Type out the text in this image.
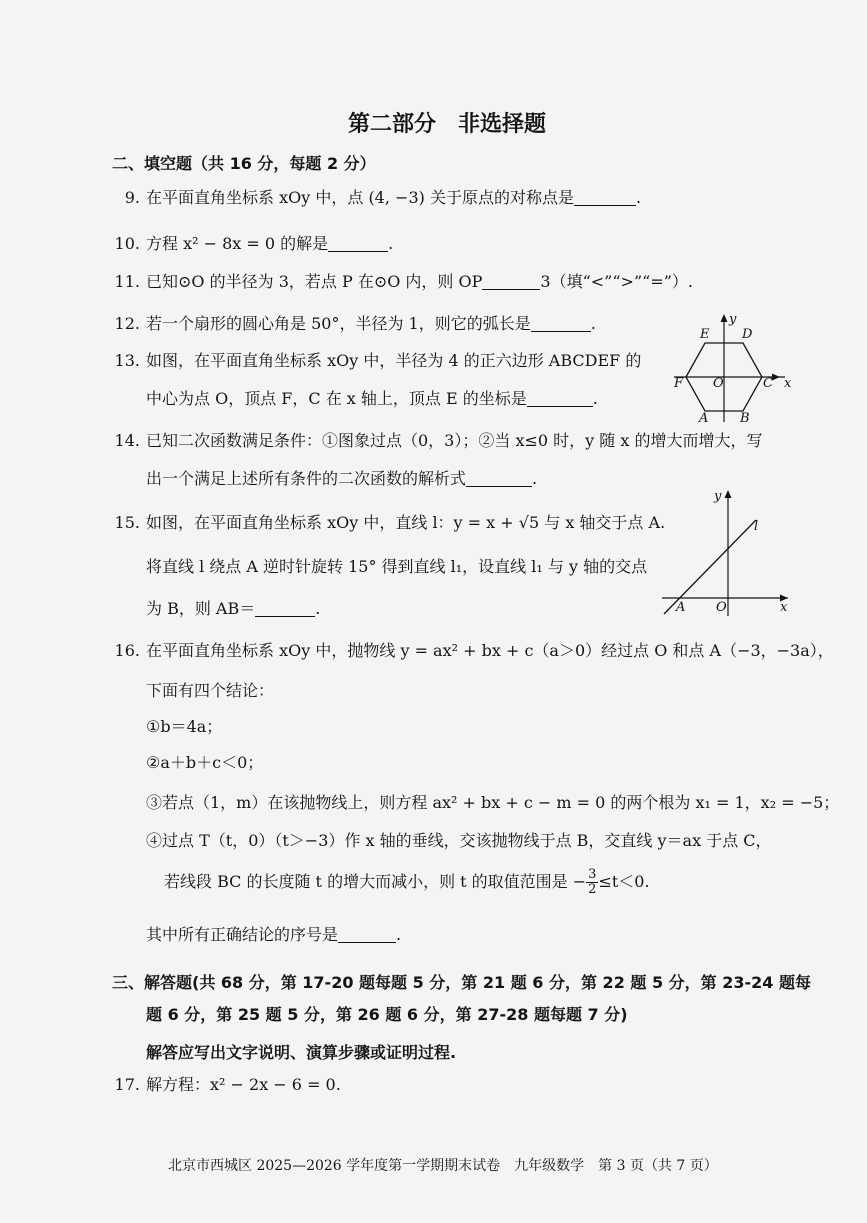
第二部分　非选择题
二、填空题（共 16 分，每题 2 分）
9. 在平面直角坐标系 xOy 中，点 (4, −3) 关于原点的对称点是	.
10. 方程 x² − 8x = 0 的解是	.
11. 已知⊙O 的半径为 3，若点 P 在⊙O 内，则 OP	3（填“<”“>”“=”）.
12. 若一个扇形的圆心角是 50°，半径为 1，则它的弧长是	.
13. 如图，在平面直角坐标系 xOy 中，半径为 4 的正六边形 ABCDEF 的
中心为点 O，顶点 F，C 在 x 轴上，顶点 E 的坐标是	.
y
x
E	D
F O	C
A B
14. 已知二次函数满足条件：①图象过点（0，3）；②当 x≤0 时，y 随 x 的增大而增大，写
出一个满足上述所有条件的二次函数的解析式	.
15. 如图，在平面直角坐标系 xOy 中，直线 l：y = x + √5 与 x 轴交于点 A.
将直线 l 绕点 A 逆时针旋转 15° 得到直线 l₁，设直线 l₁ 与 y 轴的交点
为 B，则 AB＝	.
y
x
l
A O
16. 在平面直角坐标系 xOy 中，抛物线 y = ax² + bx + c（a＞0）经过点 O 和点 A（−3，−3a），
下面有四个结论：
①b＝4a；
②a＋b＋c＜0；
③若点（1，m）在该抛物线上，则方程 ax² + bx + c − m = 0 的两个根为 x₁ = 1，x₂ = −5；
④过点 T（t，0）（t＞−3）作 x 轴的垂线，交该抛物线于点 B，交直线 y＝ax 于点 C，
若线段 BC 的长度随 t 的增大而减小，则 t 的取值范围是 − $\frac{3}{2} \le t<0$.
其中所有正确结论的序号是	.
三、解答题(共 68 分，第 17-20 题每题 5 分，第 21 题 6 分，第 22 题 5 分，第 23-24 题每
题 6 分，第 25 题 5 分，第 26 题 6 分，第 27-28 题每题 7 分)
解答应写出文字说明、演算步骤或证明过程.
17. 解方程：x² − 2x − 6 = 0.
北京市西城区 2025—2026 学年度第一学期期末试卷　九年级数学　第 3 页（共 7 页）
